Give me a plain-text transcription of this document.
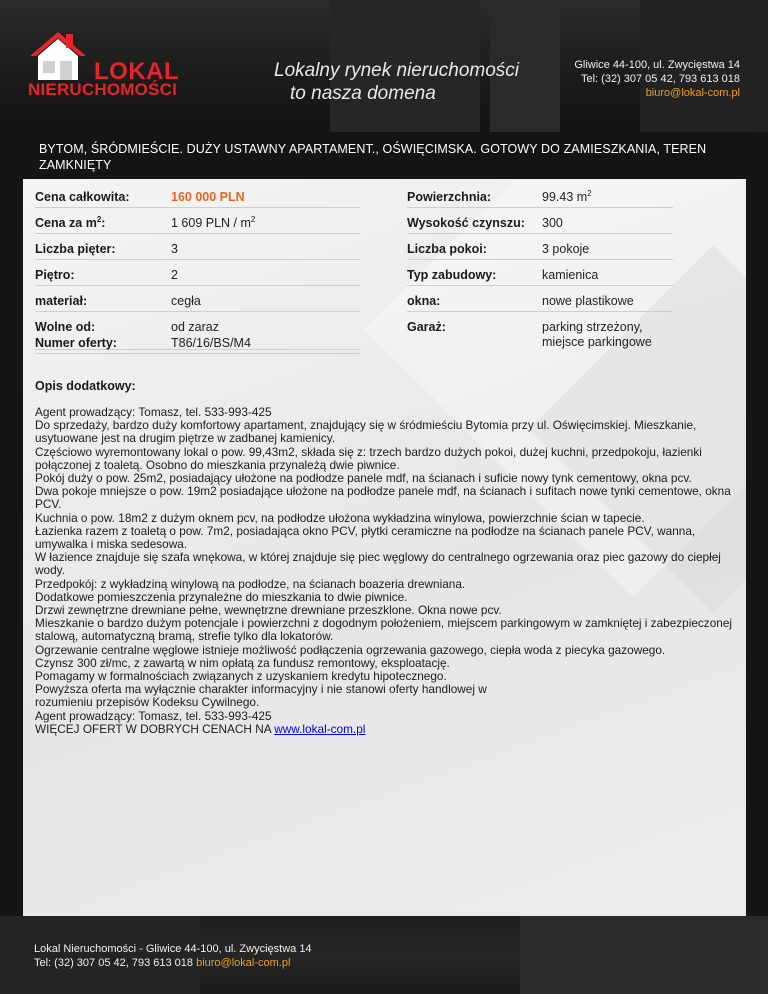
LOKAL
NIERUCHOMOŚCI
Lokalny rynek nieruchomości
to nasza domena
Gliwice 44-100, ul. Zwycięstwa 14
Tel: (32) 307 05 42, 793 613 018
biuro@lokal-com.pl
BYTOM, ŚRÓDMIEŚCIE. DUŻY USTAWNY APARTAMENT., OŚWIĘCIMSKA. GOTOWY DO ZAMIESZKANIA, TEREN ZAMKNIĘTY
Cena całkowita:	160 000 PLN
Cena za $m^2$:	1 609 PLN / $m^2$
Liczba pięter:	3
Piętro:	2
materiał:	cegła
Wolne od:	od zaraz
Numer oferty:	T86/16/BS/M4
Powierzchnia:	99.43 $m^2$
Wysokość czynszu: 300
Liczba pokoi:	3 pokoje
Typ zabudowy:	kamienica
okna:	nowe plastikowe
Garaż:	parking strzeżony,
miejsce parkingowe
Opis dodatkowy:

Agent prowadzący: Tomasz, tel. 533-993-425

Do sprzedaży, bardzo duży komfortowy apartament, znajdujący się w śródmieściu Bytomia przy ul. Oświęcimskiej. Mieszkanie, usytuowane jest na drugim piętrze w zadbanej kamienicy.

Częściowo wyremontowany lokal o pow. 99,43m2, składa się z: trzech bardzo dużych pokoi, dużej kuchni, przedpokoju, łazienki połączonej z toaletą. Osobno do mieszkania przynależą dwie piwnice.

Pokój duży o pow. 25m2, posiadający ułożone na podłodze panele mdf, na ścianach i suficie nowy tynk cementowy, okna pcv.

Dwa pokoje mniejsze o pow. 19m2 posiadające ułożone na podłodze panele mdf, na ścianach i sufitach nowe tynki cementowe, okna PCV.

Kuchnia o pow. 18m2 z dużym oknem pcv, na podłodze ułożona wykładzina winylowa, powierzchnie ścian w tapecie.

Łazienka razem z toaletą o pow. 7m2, posiadająca okno PCV, płytki ceramiczne na podłodze na ścianach panele PCV, wanna, umywalka i miska sedesowa.

W łazience znajduje się szafa wnękowa, w której znajduje się piec węglowy do centralnego ogrzewania oraz piec gazowy do ciepłej wody.

Przedpokój: z wykładziną winylową na podłodze, na ścianach boazeria drewniana.

Dodatkowe pomieszczenia przynależne do mieszkania to dwie piwnice.

Drzwi zewnętrzne drewniane pełne, wewnętrzne drewniane przeszklone. Okna nowe pcv.

Mieszkanie o bardzo dużym potencjale i powierzchni z dogodnym położeniem, miejscem parkingowym w zamkniętej i zabezpieczonej stalową, automatyczną bramą, strefie tylko dla lokatorów.

Ogrzewanie centralne węglowe istnieje możliwość podłączenia ogrzewania gazowego, ciepła woda z piecyka gazowego.

Czynsz 300 zł/mc, z zawartą w nim opłatą za fundusz remontowy, eksploatację.

Pomagamy w formalnościach związanych z uzyskaniem kredytu hipotecznego.

Powyższa oferta ma wyłącznie charakter informacyjny i nie stanowi oferty handlowej w

rozumieniu przepisów Kodeksu Cywilnego.

Agent prowadzący: Tomasz, tel. 533-993-425

WIĘCEJ OFERT W DOBRYCH CENACH NA www.lokal-com.pl

Lokal Nieruchomości - Gliwice 44-100, ul. Zwycięstwa 14
Tel: (32) 307 05 42, 793 613 018 biuro@lokal-com.pl
